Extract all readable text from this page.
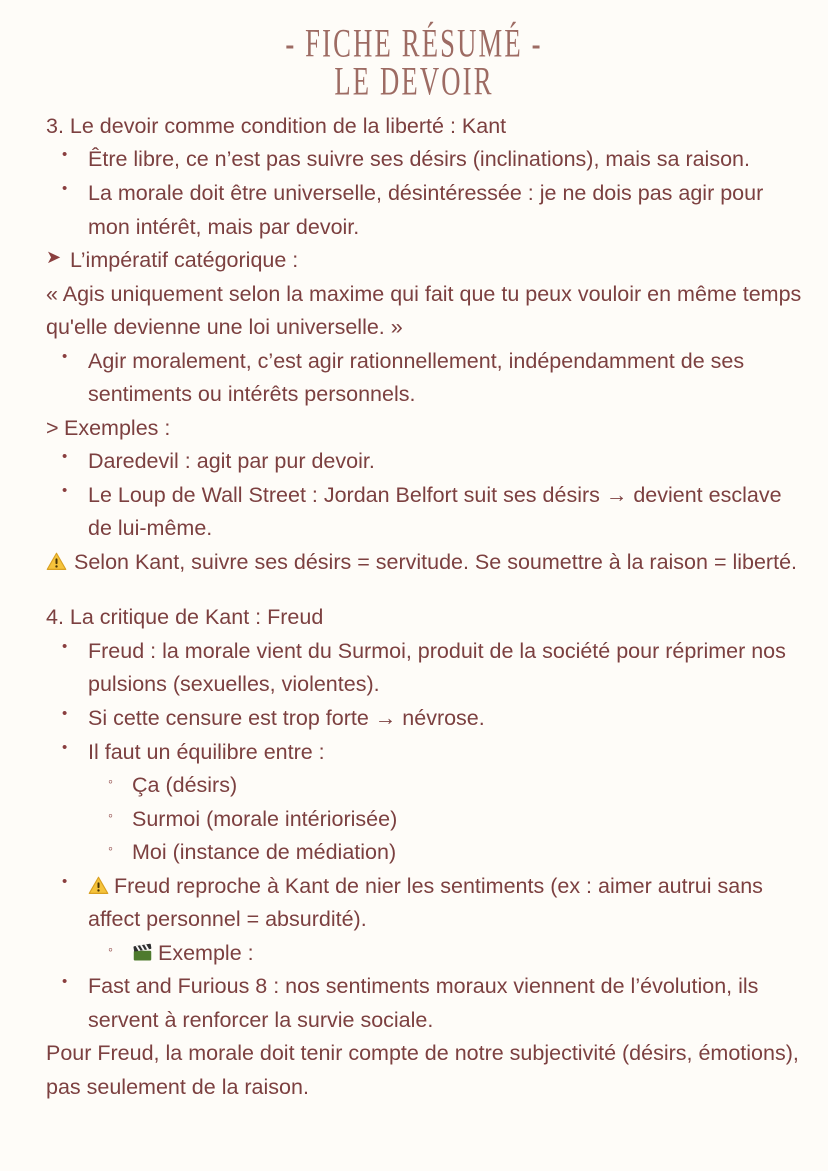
- FICHE RÉSUMÉ -
LE DEVOIR

3. Le devoir comme condition de la liberté : Kant

• Être libre, ce n’est pas suivre ses désirs (inclinations), mais sa raison.
• La morale doit être universelle, désintéressée : je ne dois pas agir pour mon intérêt, mais par devoir.
➤ L’impératif catégorique :

« Agis uniquement selon la maxime qui fait que tu peux vouloir en même temps qu'elle devienne une loi universelle. »

• Agir moralement, c’est agir rationnellement, indépendamment de ses sentiments ou intérêts personnels.
> Exemples :
• Daredevil : agit par pur devoir.
• Le Loup de Wall Street : Jordan Belfort suit ses désirs → devient esclave de lui-même.

Selon Kant, suivre ses désirs = servitude. Se soumettre à la raison = liberté.

4. La critique de Kant : Freud

• Freud : la morale vient du Surmoi, produit de la société pour réprimer nos pulsions (sexuelles, violentes).
• Si cette censure est trop forte → névrose.
• Il faut un équilibre entre :
◦ Ça (désirs)
◦ Surmoi (morale intériorisée)
◦ Moi (instance de médiation)
•	Freud reproche à Kant de nier les sentiments (ex : aimer autrui sans affect personnel = absurdité).
◦	Exemple :
• Fast and Furious 8 : nos sentiments moraux viennent de l’évolution, ils servent à renforcer la survie sociale.

Pour Freud, la morale doit tenir compte de notre subjectivité (désirs, émotions), pas seulement de la raison.
